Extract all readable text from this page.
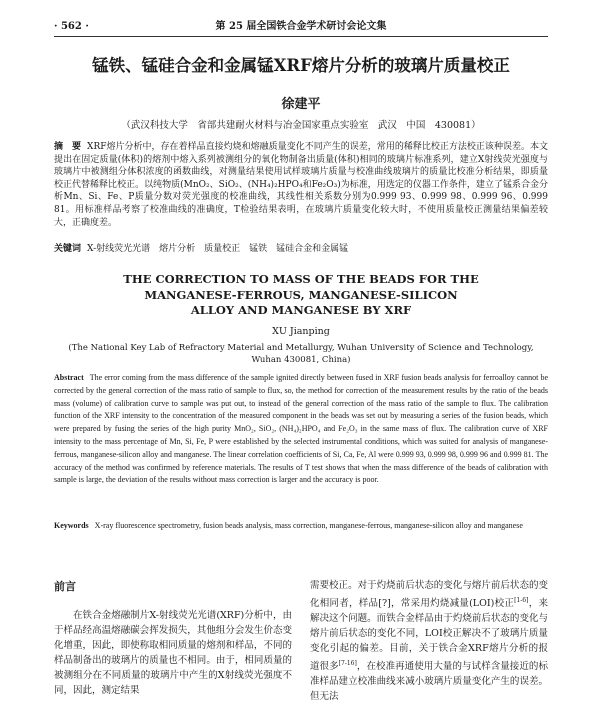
· 562 ·	第 25 届全国铁合金学术研讨会论文集
锰铁、锰硅合金和金属锰XRF熔片分析的玻璃片质量校正
徐建平
（武汉科技大学　省部共建耐火材料与冶金国家重点实验室　武汉　中国　430081）
摘　要 XRF熔片分析中，存在着样品直接灼烧和熔融质量变化不同产生的误差，常用的稀释比校正方法校正该种误差。本文提出在固定质量(体积)的熔剂中熔入系列被测组分的氧化物制备出质量(体积)相同的玻璃片标准系列，建立X射线荧光强度与玻璃片中被测组分体积浓度的函数曲线，对测量结果使用试样玻璃片质量与校准曲线玻璃片的质量比校准分析结果，即质量校正代替稀释比校正。以纯物质(MnO₂、SiO₂、(NH₄)₂HPO₄和Fe₂O₃)为标准，用选定的仪器工作条件，建立了锰系合金分析Mn、Si、Fe、P质量分数对荧光强度的校准曲线，其线性相关系数分别为0.999 93、0.999 98、0.999 96、0.999 81。用标准样品考察了校准曲线的准确度，T检验结果表明，在玻璃片质量变化较大时，不使用质量校正测量结果偏差较大，正确度差。
关键词 X-射线荧光光谱　熔片分析　质量校正　锰铁　锰硅合金和金属锰
THE CORRECTION TO MASS OF THE BEADS FOR THE
MANGANESE-FERROUS, MANGANESE-SILICON
ALLOY AND MANGANESE BY XRF
XU Jianping
(The National Key Lab of Refractory Material and Metallurgy, Wuhan University of Science and Technology,
Wuhan 430081, China)
Abstract The error coming from the mass difference of the sample ignited directly between fused in XRF fusion beads analysis for ferroalloy cannot be corrected by the general correction of the mass ratio of sample to flux, so, the method for correction of the measurement results by the ratio of the beads mass (volume) of calibration curve to sample was put out, to instead of the general correction of the mass ratio of the sample to flux. The calibration function of the XRF intensity to the concentration of the measured component in the beads was set out by measuring a series of the fusion beads, which were prepared by fusing the series of the high purity MnO₂, SiO₂, (NH₄)₂HPO₄ and Fe₂O₃ in the same mass of flux. The calibration curve of XRF intensity to the mass percentage of Mn, Si, Fe, P were established by the selected instrumental conditions, which was suited for analysis of manganese-ferrous, manganese-silicon alloy and manganese. The linear correlation coefficients of Si, Ca, Fe, Al were 0.999 93, 0.999 98, 0.999 96 and 0.999 81. The accuracy of the method was confirmed by reference materials. The results of T test shows that when the mass difference of the beads of calibration with sample is large, the deviation of the results without mass correction is larger and the accuracy is poor.
Keywords X-ray fluorescence spectrometry, fusion beads analysis, mass correction, manganese-ferrous, manganese-silicon alloy and manganese
前言

在铁合金熔融制片X-射线荧光光谱(XRF)分析中，由于样品经高温熔融碳会挥发损失，其他组分会发生价态变化增重，因此，即使称取相同质量的熔剂和样品，不同的样品制备出的玻璃片的质量也不相同。由于，相同质量的被测组分在不同质量的玻璃片中产生的X射线荧光强度不同，因此，测定结果

需要校正。对于灼烧前后状态的变化与熔片前后状态的变化相同者，样品[?]，常采用灼烧减量(LOI)校正[1-6]，来解决这个问题。而铁合金样品由于灼烧前后状态的变化与熔片前后状态的变化不同，LOI校正解决不了玻璃片质量变化引起的偏差。目前，关于铁合金XRF熔片分析的报道很多[7-16]，在校准再通使用大量的与试样含量接近的标准样品建立校准曲线来减小玻璃片质量变化产生的误差。但无法
